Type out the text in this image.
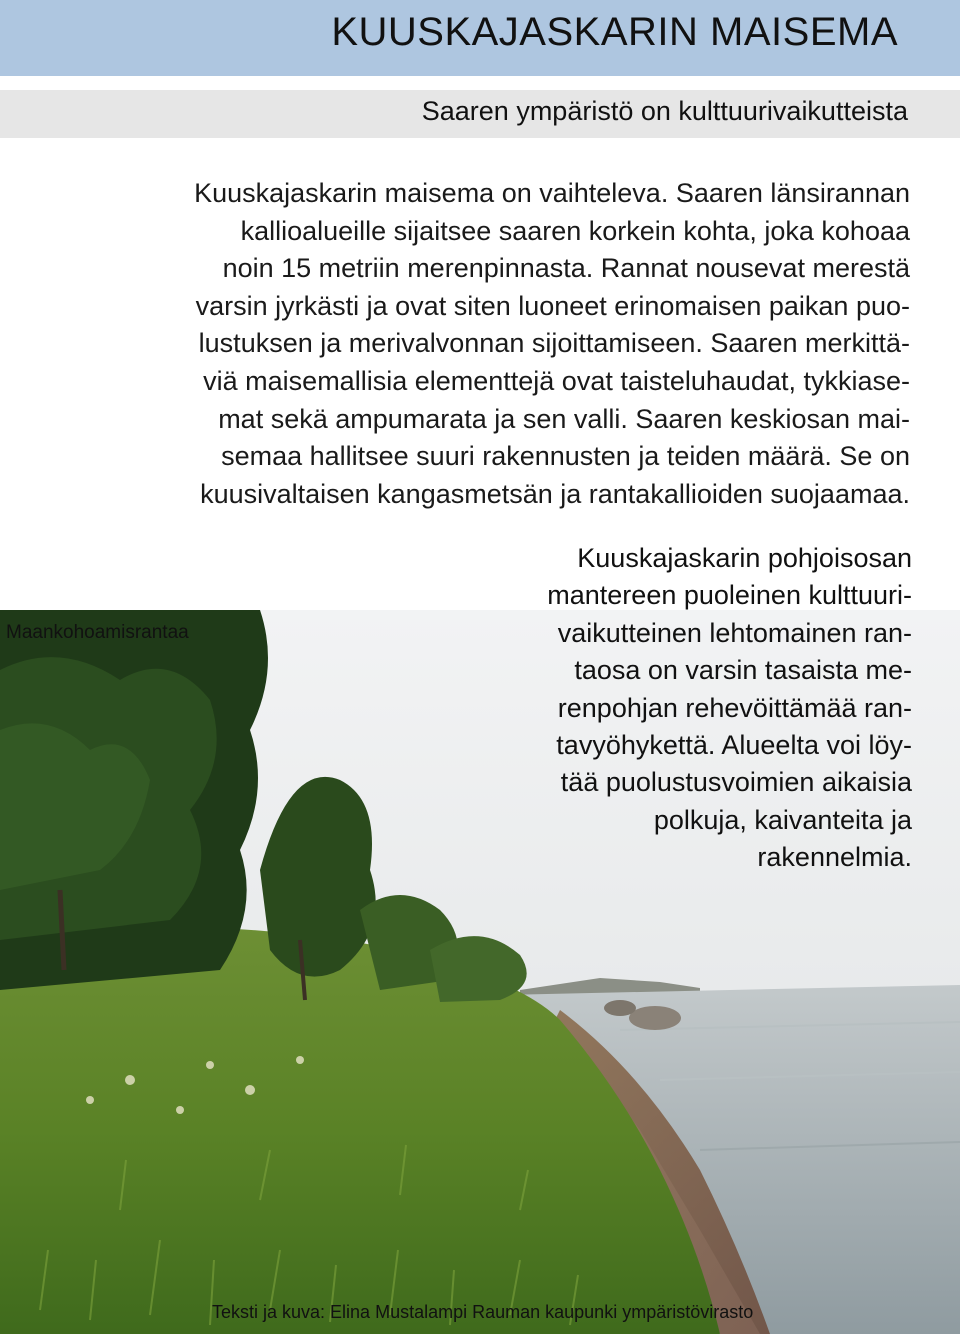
KUUSKAJASKARIN MAISEMA
Saaren ympäristö on kulttuurivaikutteista
Kuuskajaskarin maisema on vaihteleva. Saaren länsirannan
kallioalueille sijaitsee saaren korkein kohta, joka kohoaa
noin 15 metriin merenpinnasta. Rannat nousevat merestä
varsin jyrkästi ja ovat siten luoneet erinomaisen paikan puo-
lustuksen ja merivalvonnan sijoittamiseen. Saaren merkittä-
viä maisemallisia elementtejä ovat taisteluhaudat, tykkiase-
mat sekä ampumarata ja sen valli. Saaren keskiosan mai-
semaa hallitsee suuri rakennusten ja teiden määrä. Se on
kuusivaltaisen kangasmetsän ja rantakallioiden suojaamaa.
Kuuskajaskarin pohjoisosan
mantereen puoleinen kulttuuri-
vaikutteinen lehtomainen ran-
taosa on varsin tasaista me-
renpohjan rehevöittämää ran-
tavyöhykettä. Alueelta voi löy-
tää puolustusvoimien aikaisia
polkuja, kaivanteita ja
rakennelmia.
Maankohoamisrantaa
Teksti ja kuva: Elina Mustalampi Rauman kaupunki ympäristövirasto
